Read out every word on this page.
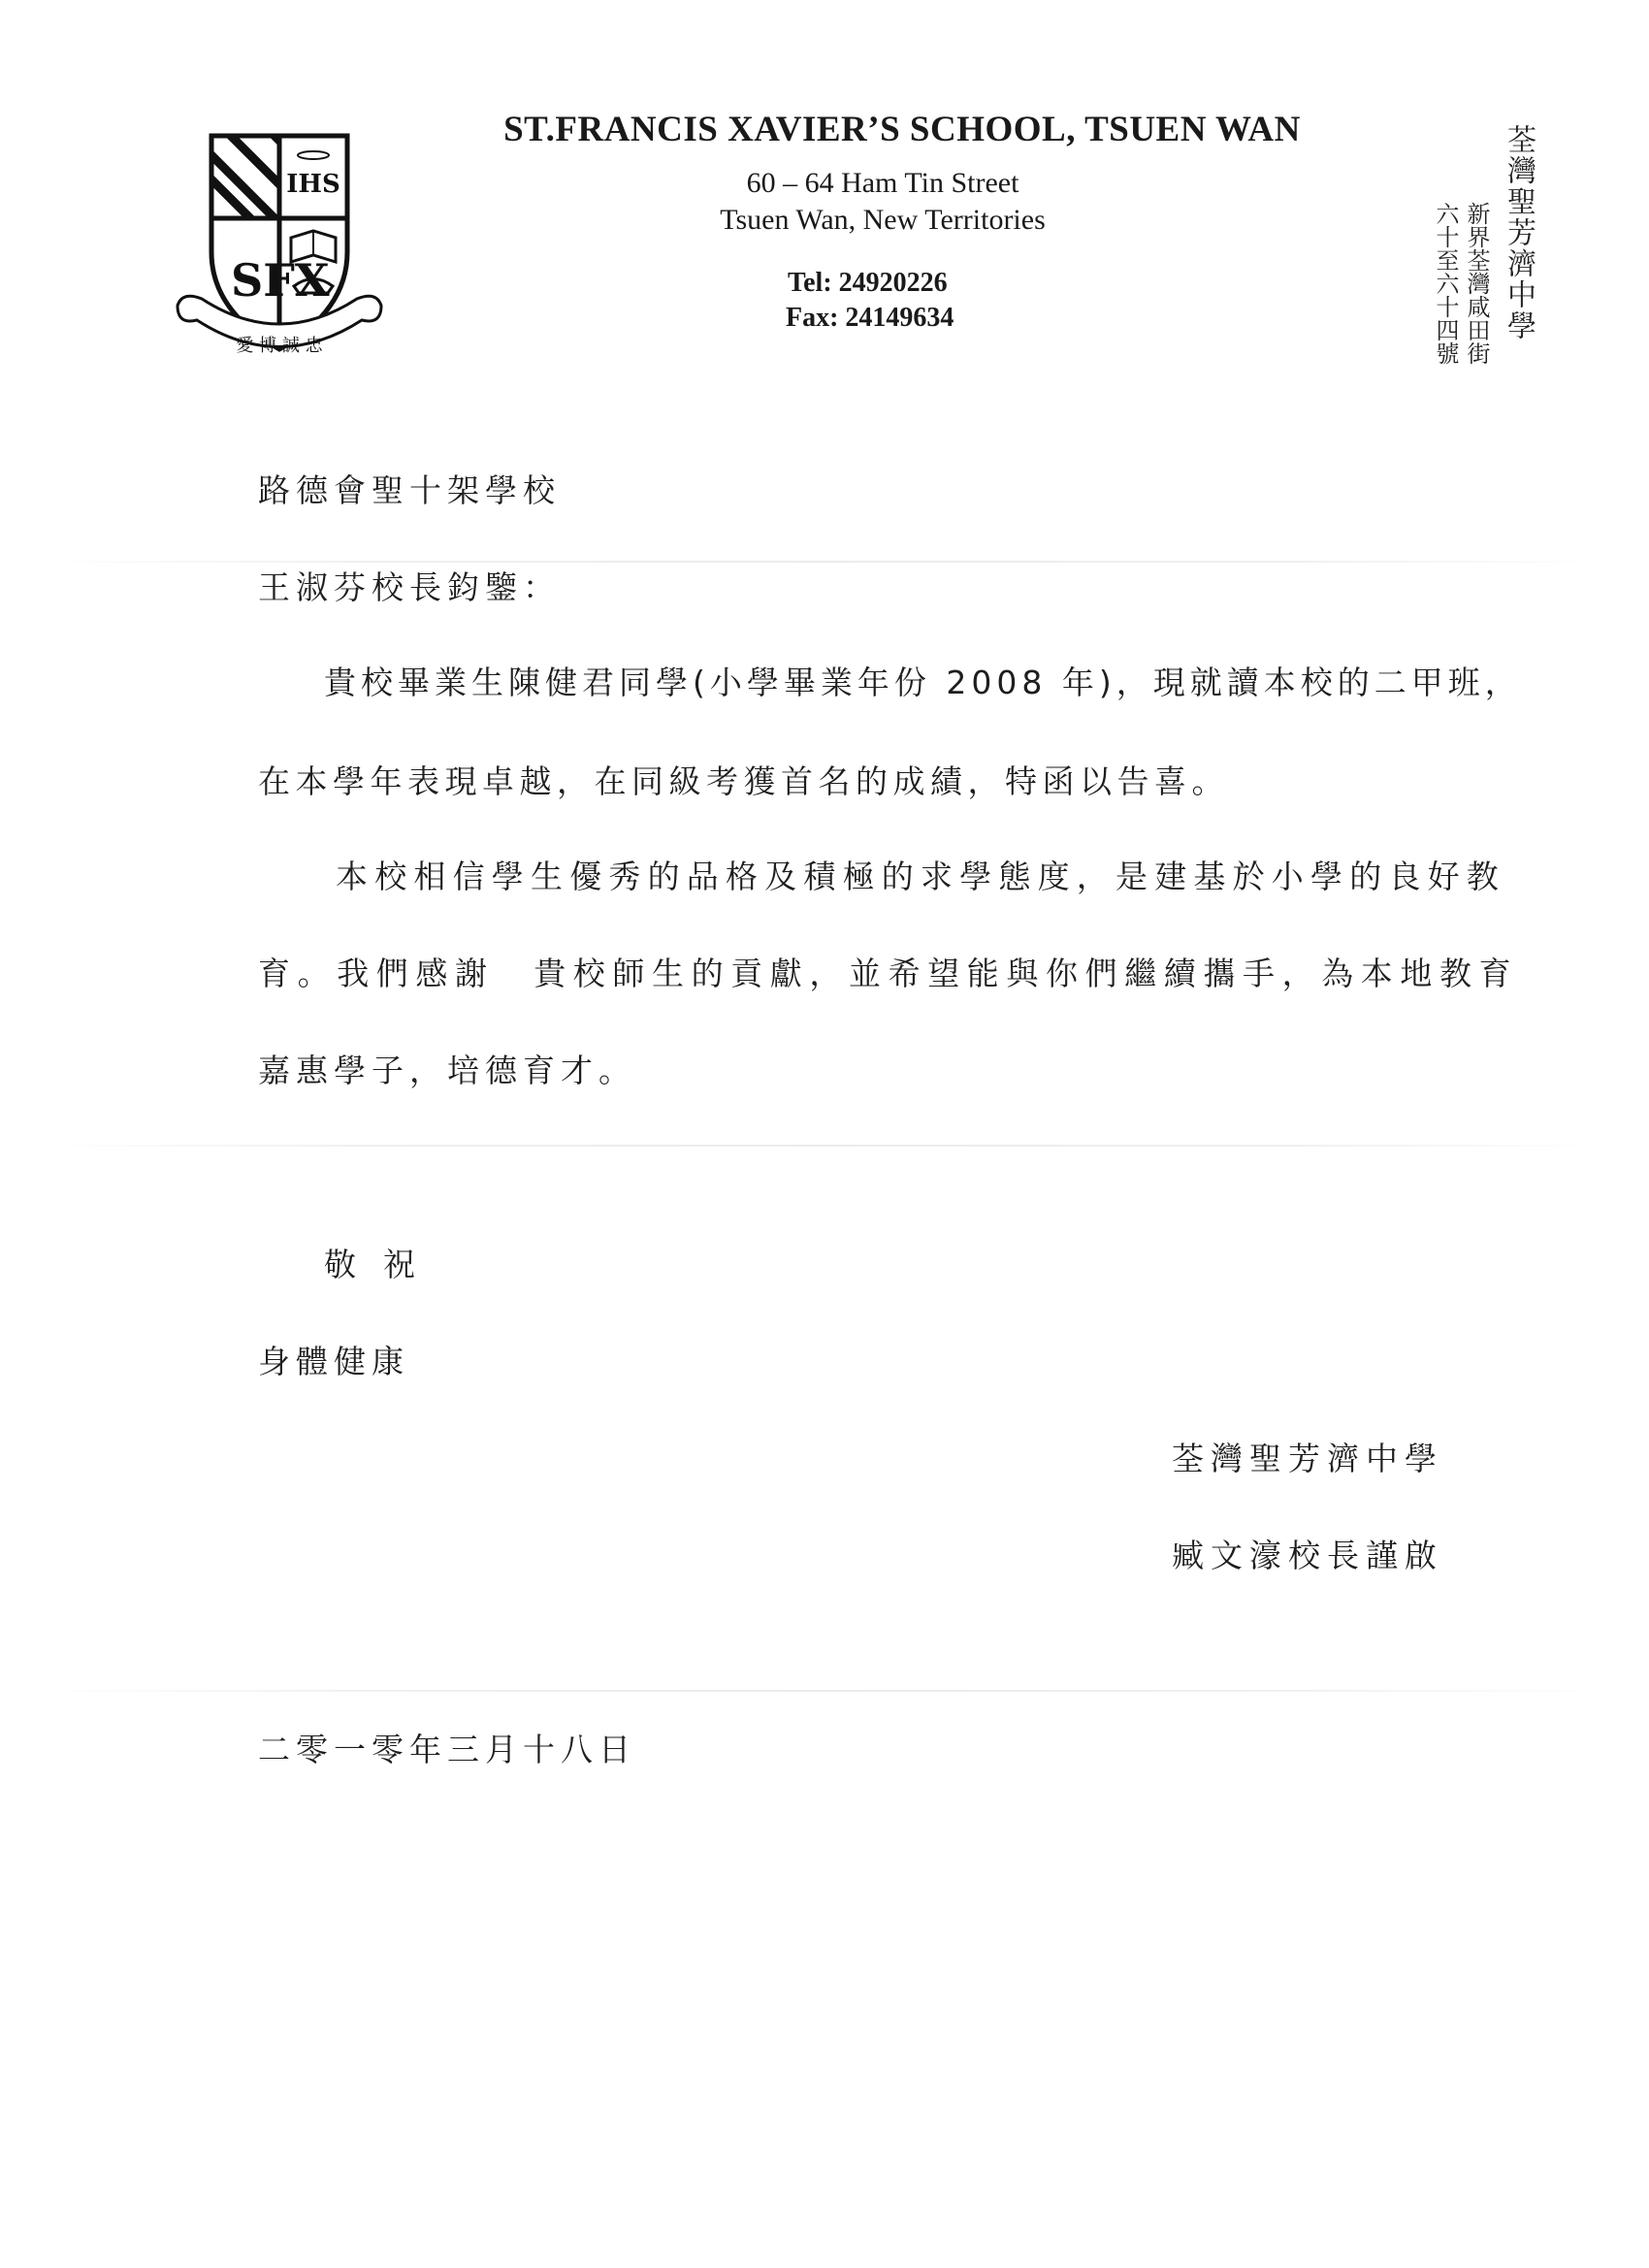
IHS
SFX
愛 博 誠 忠
ST.FRANCIS XAVIER’S SCHOOL, TSUEN WAN
60 – 64 Ham Tin Street
Tsuen Wan, New Territories
Tel: 24920226
Fax: 24149634	荃灣聖芳濟中學
新界荃灣咸田街
六十至六十四號
路德會聖十架學校
王淑芬校長鈞鑒：
貴校畢業生陳健君同學(小學畢業年份 2008 年)，現就讀本校的二甲班，
在本學年表現卓越，在同級考獲首名的成績，特函以告喜。
本校相信學生優秀的品格及積極的求學態度，是建基於小學的良好教
育。我們感謝　貴校師生的貢獻，並希望能與你們繼續攜手，為本地教育
嘉惠學子，培德育才。
敬祝
身體健康
荃灣聖芳濟中學
臧文濠校長謹啟
二零一零年三月十八日
